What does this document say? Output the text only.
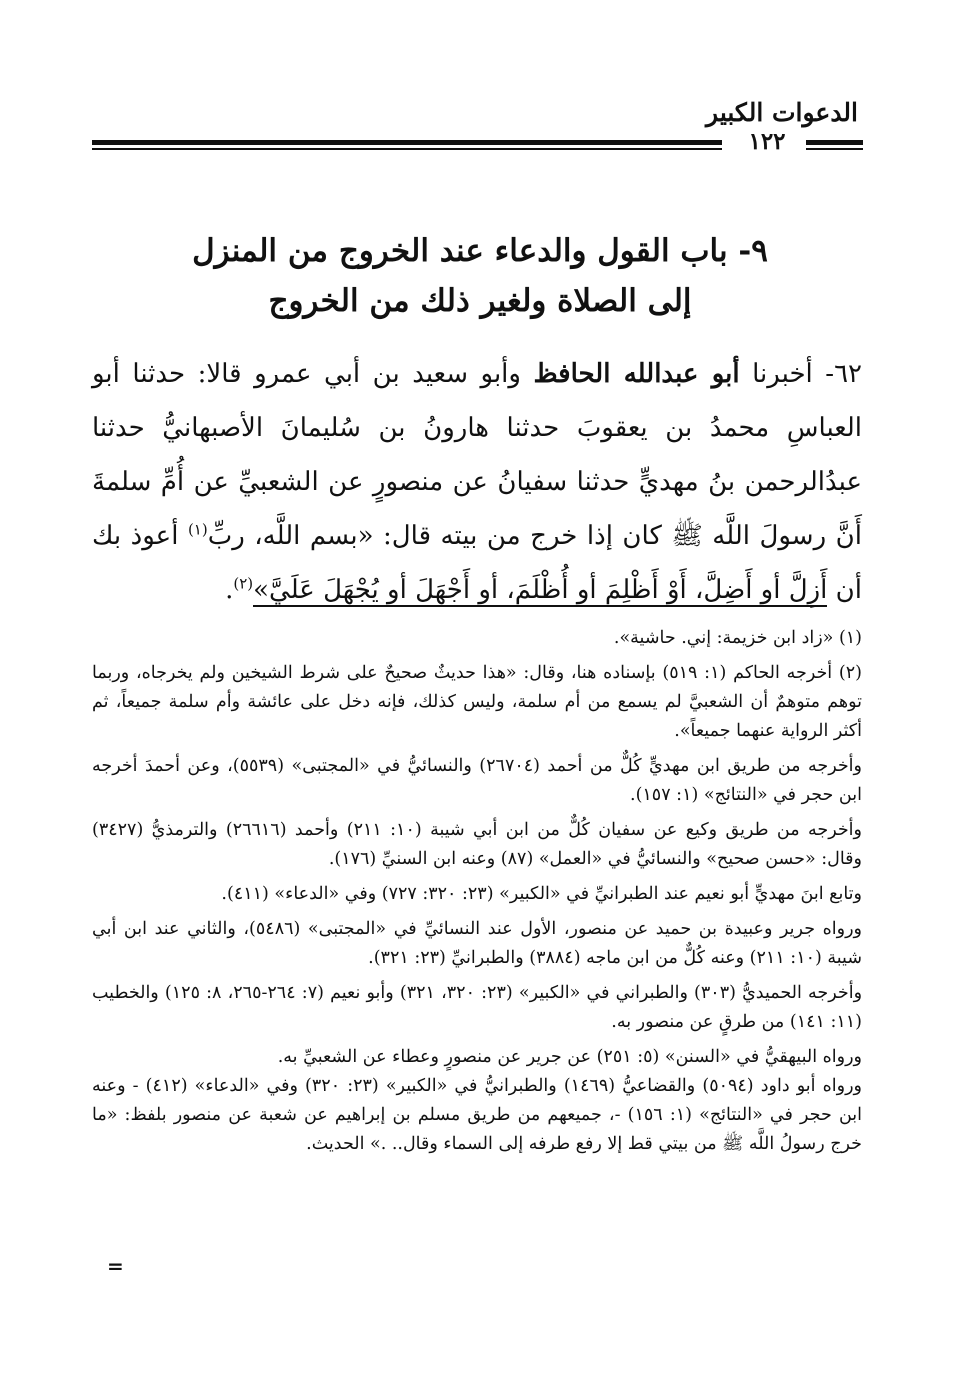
الدعوات الكبير
١٢٢
٩- باب القول والدعاء عند الخروج من المنزل
إلى الصلاة ولغير ذلك من الخروج
٦٢- أخبرنا أبو عبدالله الحافظ وأبو سعيد بن أبي عمرو قالا: حدثنا أبو العباسِ محمدُ بن يعقوبَ حدثنا هارونُ بن سُليمانَ الأصبهانيُّ حدثنا عبدُالرحمن بنُ مهديٍّ حدثنا سفيانُ عن منصورٍ عن الشعبيِّ عن أُمِّ سلمةَ أَنَّ رسولَ اللَّه ﷺ كان إذا خرج من بيته قال: «بسم اللَّه، ربِّ$^{(١)}$ أعوذ بك أن أَزِلَّ أو أَضِلَّ، أَوْ أَظْلِمَ أو أُظْلَمَ، أو أَجْهَلَ أو يُجْهَلَ عَلَيَّ»$^{(٢)}$.

(١) «زاد ابن خزيمة: إني. حاشية».

(٢) أخرجه الحاكم (١: ٥١٩) بإسناده هنا، وقال: «هذا حديثٌ صحيحٌ على شرط الشيخين ولم يخرجاه، وربما توهم متوهمٌ أن الشعبيَّ لم يسمع من أم سلمة، وليس كذلك، فإنه دخل على عائشة وأم سلمة جميعاً، ثم أكثر الرواية عنهما جميعاً».

وأخرجه من طريق ابن مهديٍّ كُلٌّ من أحمد (٢٦٧٠٤) والنسائيُّ في «المجتبى» (٥٥٣٩)، وعن أحمدَ أخرجه ابن حجر في «النتائج» (١: ١٥٧).

وأخرجه من طريق وكيع عن سفيان كُلٌّ من ابن أبي شيبة (١٠: ٢١١) وأحمد (٢٦٦١٦) والترمذيُّ (٣٤٢٧) وقال: «حسن صحيح» والنسائيُّ في «العمل» (٨٧) وعنه ابن السنيِّ (١٧٦).

وتابع ابنَ مهديٍّ أبو نعيم عند الطبرانيِّ في «الكبير» (٢٣: ٣٢٠: ٧٢٧) وفي «الدعاء» (٤١١).

ورواه جرير وعبيدة بن حميد عن منصور، الأول عند النسائيِّ في «المجتبى» (٥٤٨٦)، والثاني عند ابن أبي شيبة (١٠: ٢١١) وعنه كُلٌّ من ابن ماجه (٣٨٨٤) والطبرانيِّ (٢٣: ٣٢١).

وأخرجه الحميديُّ (٣٠٣) والطبراني في «الكبير» (٢٣: ٣٢٠، ٣٢١) وأبو نعيم (٧: ٢٦٤-٢٦٥، ٨: ١٢٥) والخطيب (١١: ١٤١) من طرقٍ عن منصور به.

ورواه البيهقيُّ في «السنن» (٥: ٢٥١) عن جرير عن منصورٍ وعطاء عن الشعبيِّ به.

ورواه أبو داود (٥٠٩٤) والقضاعيُّ (١٤٦٩) والطبرانيُّ في «الكبير» (٢٣: ٣٢٠) وفي «الدعاء» (٤١٢) - وعنه ابن حجر في «النتائج» (١: ١٥٦) -، جميعهم من طريق مسلم بن إبراهيم عن شعبة عن منصور بلفظ: «ما خرج رسولُ اللَّه ﷺ من بيتي قط إلا رفع طرفه إلى السماء وقال.. .» الحديث.

=
